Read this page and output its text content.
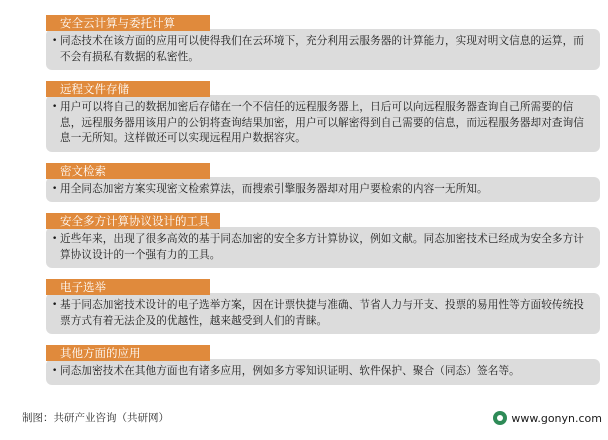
安全云计算与委托计算
• 同态技术在该方面的应用可以使得我们在云环境下，充分利用云服务器的计算能力，实现对明文信息的运算，而不会有损私有数据的私密性。
远程文件存储
• 用户可以将自己的数据加密后存储在一个不信任的远程服务器上，日后可以向远程服务器查询自己所需要的信息，远程服务器用该用户的公钥将查询结果加密，用户可以解密得到自己需要的信息，而远程服务器却对查询信息一无所知。这样做还可以实现远程用户数据容灾。
密文检索
• 用全同态加密方案实现密文检索算法，而搜索引擎服务器却对用户要检索的内容一无所知。
安全多方计算协议设计的工具
• 近些年来，出现了很多高效的基于同态加密的安全多方计算协议，例如文献。同态加密技术已经成为安全多方计算协议设计的一个强有力的工具。
电子选举
• 基于同态加密技术设计的电子选举方案，因在计票快捷与准确、节省人力与开支、投票的易用性等方面较传统投票方式有着无法企及的优越性，越来越受到人们的青睐。
其他方面的应用
• 同态加密技术在其他方面也有诸多应用，例如多方零知识证明、软件保护、聚合（同态）签名等。
制图：共研产业咨询（共研网）	www.gonyn.com
